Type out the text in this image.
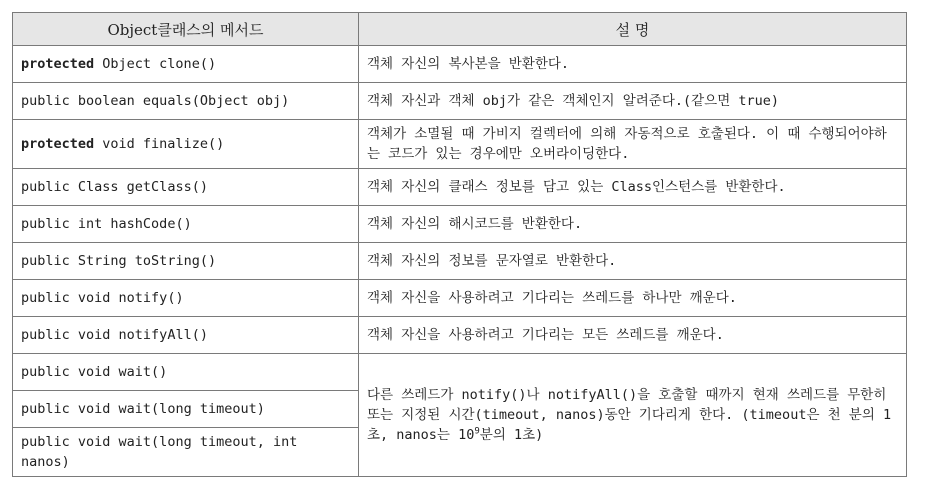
Object클래스의 메서드	설 명
protected Object clone()	객체 자신의 복사본을 반환한다.
public boolean equals(Object obj)	객체 자신과 객체 obj가 같은 객체인지 알려준다.(같으면 true)
protected void finalize()	객체가 소멸될 때 가비지 컬렉터에 의해 자동적으로 호출된다. 이 때 수행되어야하는 코드가 있는 경우에만 오버라이딩한다.
public Class getClass()	객체 자신의 클래스 정보를 담고 있는 Class인스턴스를 반환한다.
public int hashCode()	객체 자신의 해시코드를 반환한다.
public String toString()	객체 자신의 정보를 문자열로 반환한다.
public void notify()	객체 자신을 사용하려고 기다리는 쓰레드를 하나만 깨운다.
public void notifyAll()	객체 자신을 사용하려고 기다리는 모든 쓰레드를 깨운다.
public void wait()	다른 쓰레드가 notify()나 notifyAll()을 호출할 때까지 현재 쓰레드를 무한히 또는 지정된 시간(timeout, nanos)동안 기다리게 한다. (timeout은 천 분의 1초, nanos는 $10^9$분의 1초)
public void wait(long timeout)	
public void wait(long timeout, int nanos)	
